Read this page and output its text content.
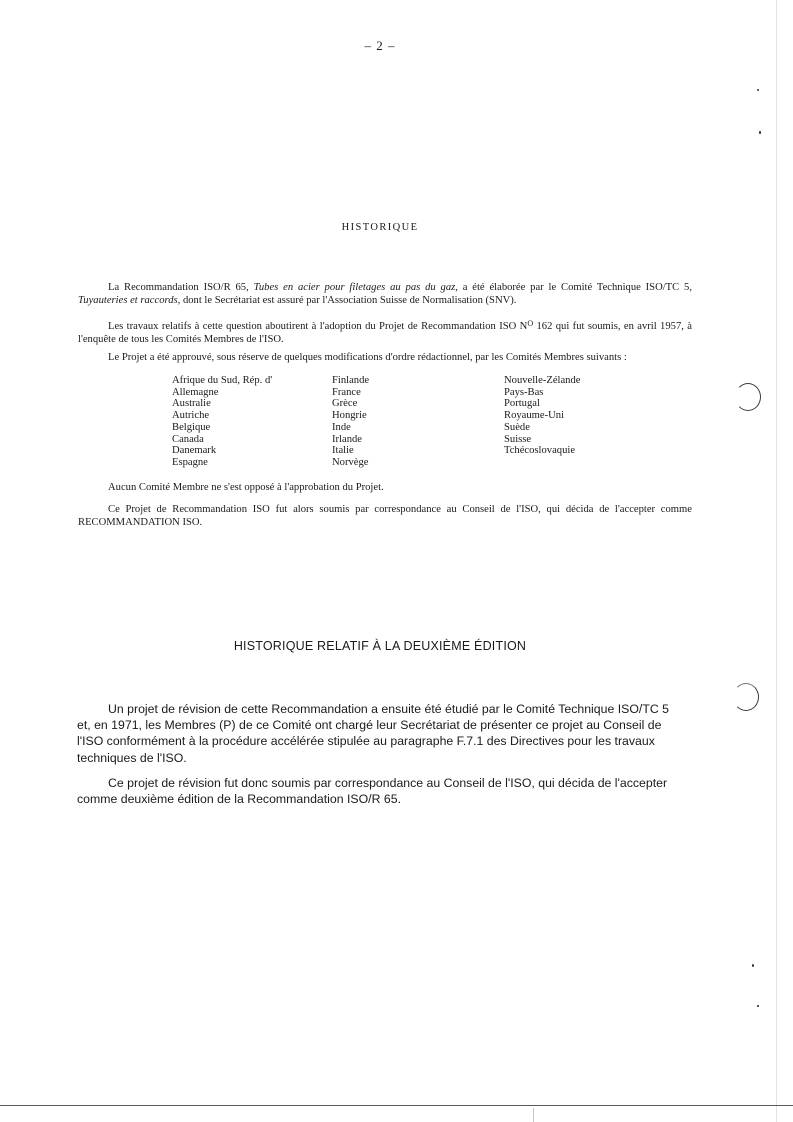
– 2 –
HISTORIQUE
La Recommandation ISO/R 65, Tubes en acier pour filetages au pas du gaz, a été élaborée par le Comité Technique ISO/TC 5, Tuyauteries et raccords, dont le Secrétariat est assuré par l'Association Suisse de Normalisation (SNV).
Les travaux relatifs à cette question aboutirent à l'adoption du Projet de Recommandation ISO $N^O$ 162 qui fut soumis, en avril 1957, à l'enquête de tous les Comités Membres de l'ISO.
Le Projet a été approuvé, sous réserve de quelques modifications d'ordre rédactionnel, par les Comités Membres suivants :
Afrique du Sud, Rép. d'
Allemagne
Australie
Autriche
Belgique
Canada
Danemark
Espagne
Finlande
France
Grèce
Hongrie
Inde
Irlande
Italie
Norvège
Nouvelle-Zélande
Pays-Bas
Portugal
Royaume-Uni
Suède
Suisse
Tchécoslovaquie
Aucun Comité Membre ne s'est opposé à l'approbation du Projet.
Ce Projet de Recommandation ISO fut alors soumis par correspondance au Conseil de l'ISO, qui décida de l'accepter comme RECOMMANDATION ISO.
HISTORIQUE RELATIF À LA DEUXIÈME ÉDITION
Un projet de révision de cette Recommandation a ensuite été étudié par le Comité Technique ISO/TC 5 et, en 1971, les Membres (P) de ce Comité ont chargé leur Secrétariat de présenter ce projet au Conseil de l'ISO conformément à la procédure accélérée stipulée au paragraphe F.7.1 des Directives pour les travaux techniques de l'ISO.
Ce projet de révision fut donc soumis par correspondance au Conseil de l'ISO, qui décida de l'accepter comme deuxième édition de la Recommandation ISO/R 65.
